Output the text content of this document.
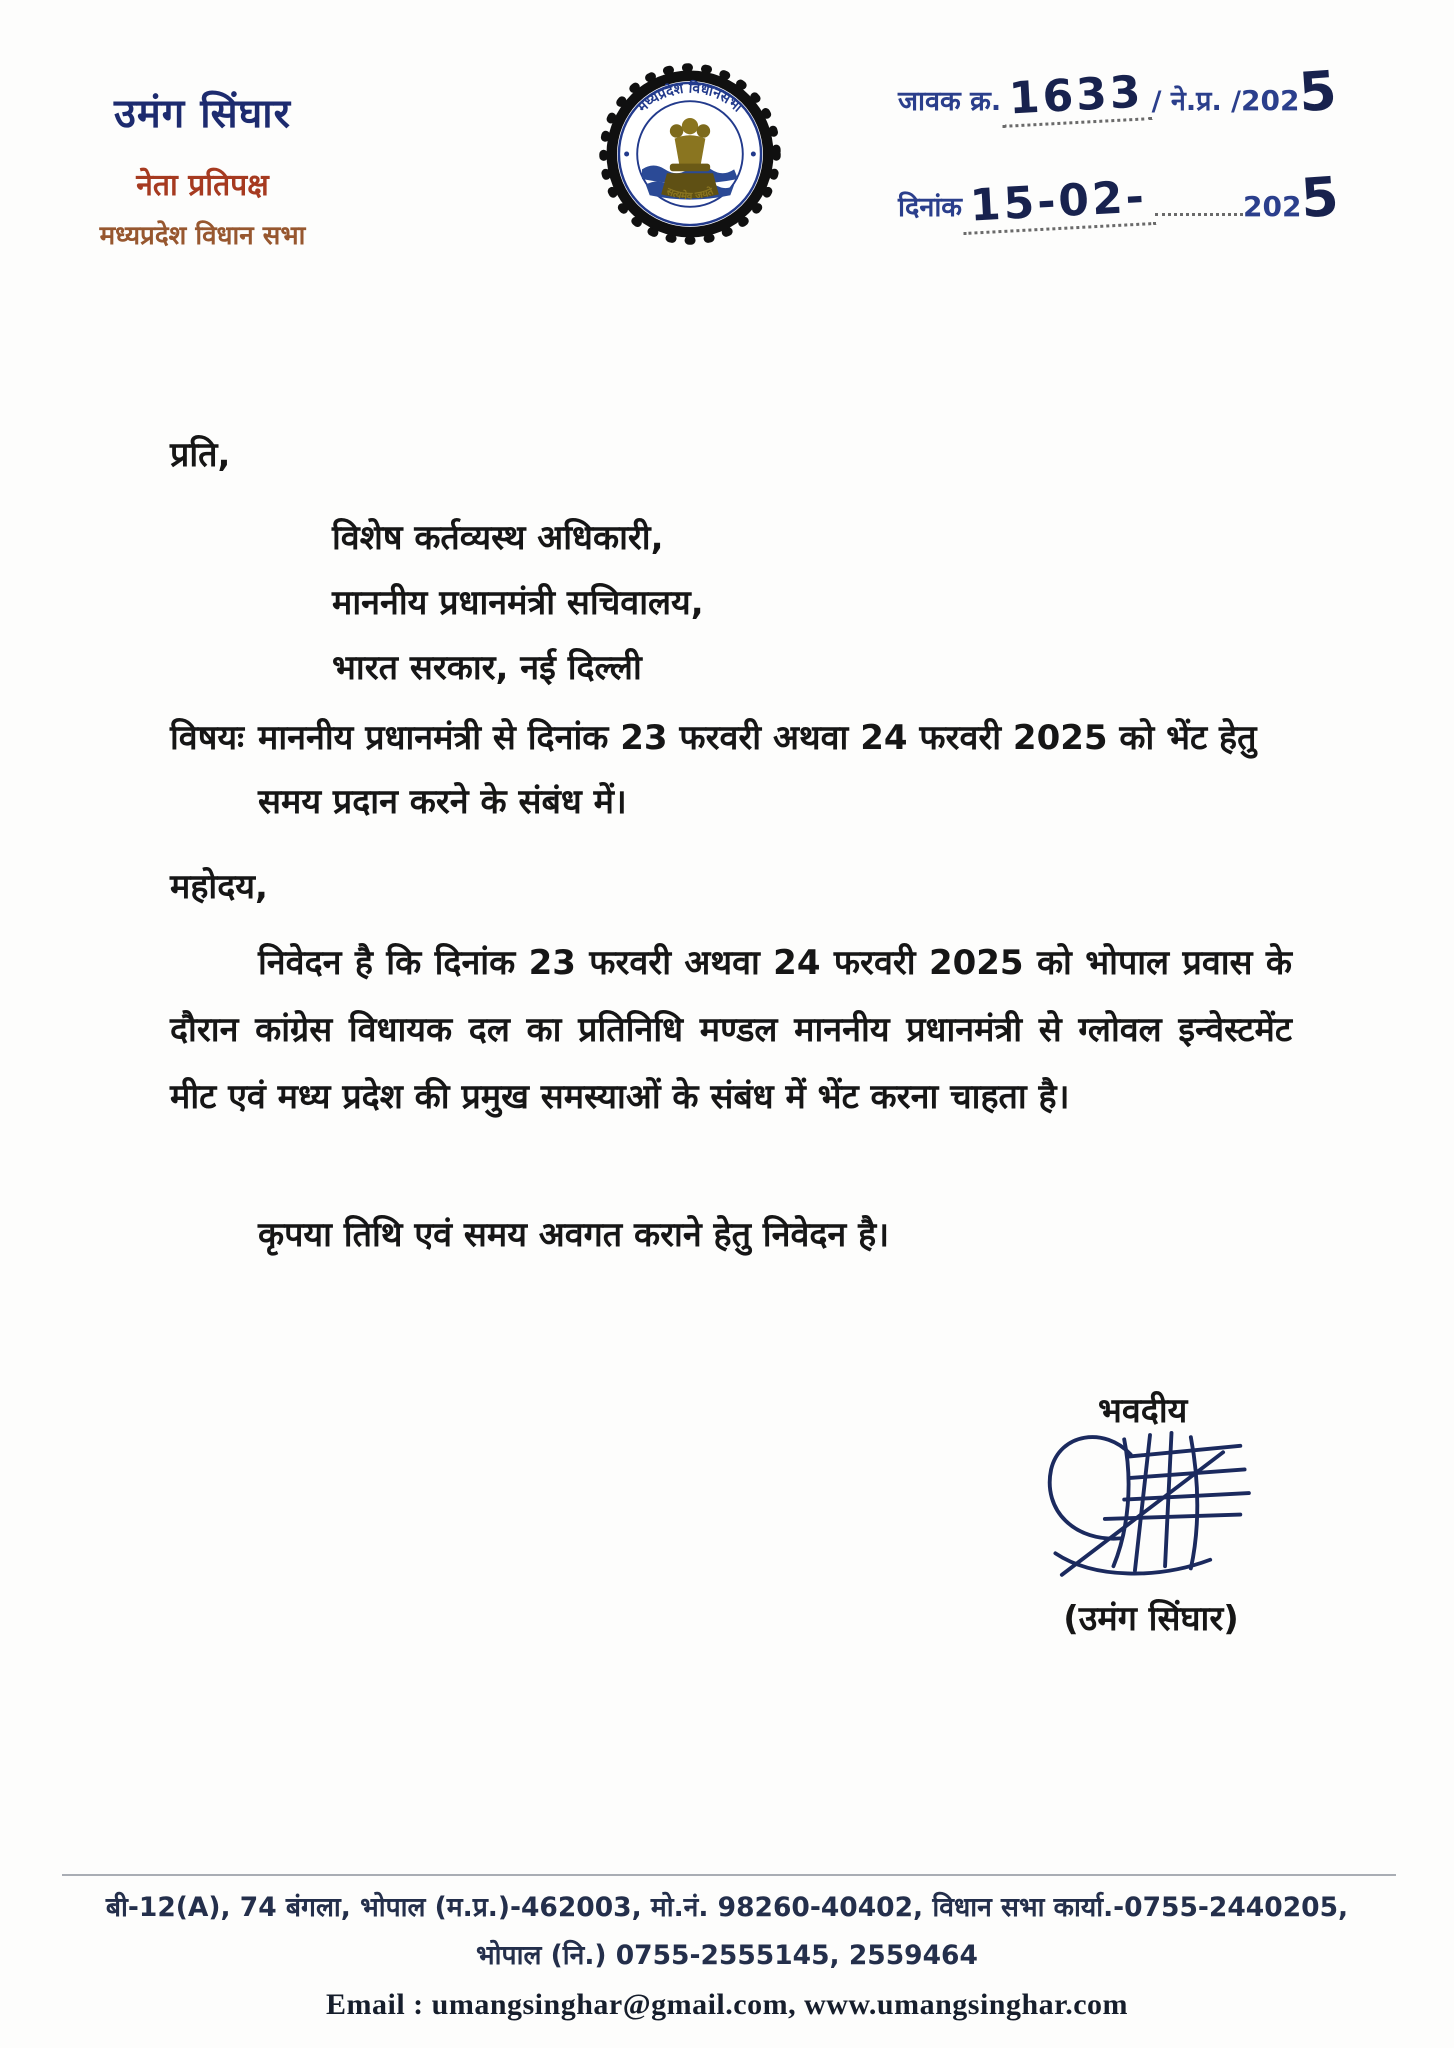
उमंग सिंघार
नेता प्रतिपक्ष
मध्यप्रदेश विधान सभा
मध्यप्रदेश विधानसभा
सत्यमेव जयते
जावक क्र. 1633 / ने.प्र. / 202
5
दिनांक 15-02-	202
5
प्रति,
विशेष कर्तव्यस्थ अधिकारी,
माननीय प्रधानमंत्री सचिवालय,
भारत सरकार, नई दिल्ली
विषयः माननीय प्रधानमंत्री से दिनांक 23 फरवरी अथवा 24 फरवरी 2025 को भेंट हेतु समय प्रदान करने के संबंध में।
महोदय,
निवेदन है कि दिनांक 23 फरवरी अथवा 24 फरवरी 2025 को भोपाल प्रवास के दौरान कांग्रेस विधायक दल का प्रतिनिधि मण्डल माननीय प्रधानमंत्री से ग्लोवल इन्वेस्टमेंट मीट एवं मध्य प्रदेश की प्रमुख समस्याओं के संबंध में भेंट करना चाहता है।
कृपया तिथि एवं समय अवगत कराने हेतु निवेदन है।
भवदीय
(उमंग सिंघार)
बी-12(A), 74 बंगला, भोपाल (म.प्र.)-462003, मो.नं. 98260-40402, विधान सभा कार्या.-0755-2440205,
भोपाल (नि.) 0755-2555145, 2559464
Email : umangsinghar@gmail.com, www.umangsinghar.com
